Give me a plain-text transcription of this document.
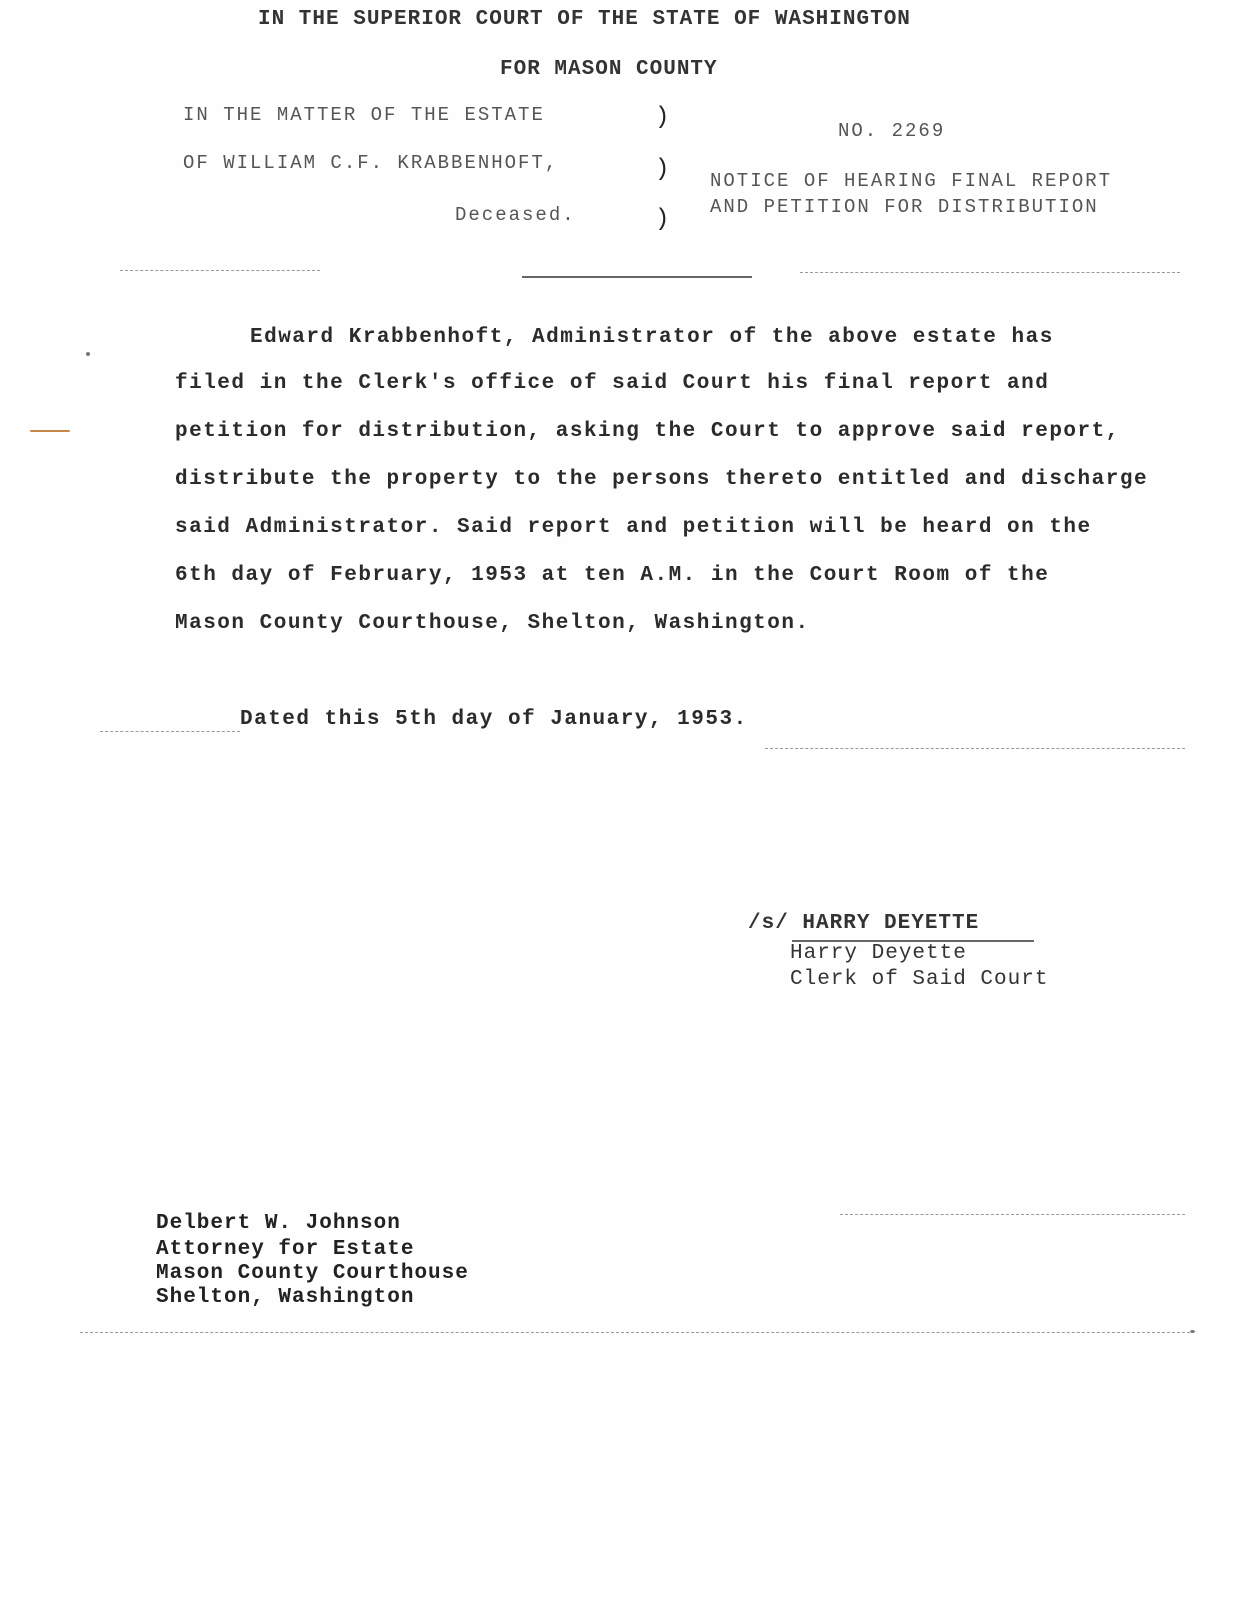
IN THE SUPERIOR COURT OF THE STATE OF WASHINGTON
FOR MASON COUNTY
IN THE MATTER OF THE ESTATE
OF WILLIAM C.F. KRABBENHOFT,
Deceased.
)
)
)
NO. 2269
NOTICE OF HEARING FINAL REPORT
AND PETITION FOR DISTRIBUTION
Edward Krabbenhoft, Administrator of the above estate has
filed in the Clerk's office of said Court his final report and
petition for distribution, asking the Court to approve said report,
distribute the property to the persons thereto entitled and discharge
said Administrator. Said report and petition will be heard on the
6th day of February, 1953 at ten A.M. in the Court Room of the
Mason County Courthouse, Shelton, Washington.
Dated this 5th day of January, 1953.
/s/ HARRY DEYETTE
Harry Deyette
Clerk of Said Court
Delbert W. Johnson
Attorney for Estate
Mason County Courthouse
Shelton, Washington
